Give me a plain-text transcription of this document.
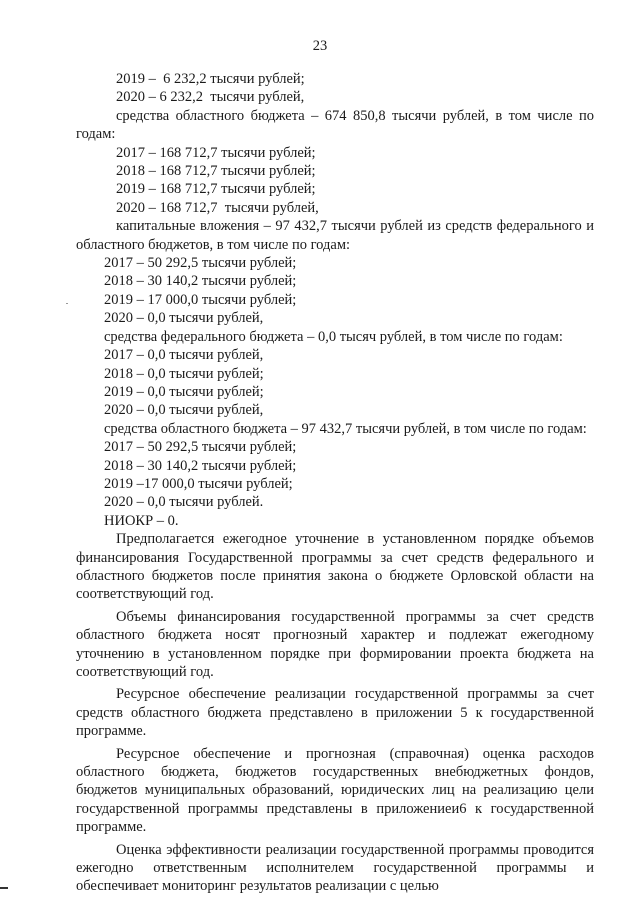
23
2019 –  6 232,2 тысячи рублей;
2020 – 6 232,2  тысячи рублей,
средства областного бюджета – 674 850,8 тысячи рублей, в том числе по годам:
2017 – 168 712,7 тысячи рублей;
2018 – 168 712,7 тысячи рублей;
2019 – 168 712,7 тысячи рублей;
2020 – 168 712,7  тысячи рублей,
капитальные вложения – 97 432,7 тысячи рублей из средств федерального и областного бюджетов, в том числе по годам:
2017 – 50 292,5 тысячи рублей;
2018 – 30 140,2 тысячи рублей;
2019 – 17 000,0 тысячи рублей;
2020 – 0,0 тысячи рублей,
средства федерального бюджета – 0,0 тысяч рублей, в том числе по годам:
2017 – 0,0 тысячи рублей,
2018 – 0,0 тысячи рублей;
2019 – 0,0 тысячи рублей;
2020 – 0,0 тысячи рублей,
средства областного бюджета – 97 432,7 тысячи рублей, в том числе по годам:
2017 – 50 292,5 тысячи рублей;
2018 – 30 140,2 тысячи рублей;
2019 –17 000,0 тысячи рублей;
2020 – 0,0 тысячи рублей.
НИОКР – 0.
Предполагается ежегодное уточнение в установленном порядке объемов финансирования Государственной программы за счет средств федерального и областного бюджетов после принятия закона о бюджете Орловской области на соответствующий год.
Объемы финансирования государственной программы за счет средств областного бюджета носят прогнозный характер и подлежат ежегодному уточнению в установленном порядке при формировании проекта бюджета на соответствующий год.
Ресурсное обеспечение реализации государственной программы за счет средств областного бюджета представлено в приложении 5 к государственной программе.
Ресурсное обеспечение и прогнозная (справочная) оценка расходов областного бюджета, бюджетов государственных внебюджетных фондов, бюджетов муниципальных образований, юридических лиц на реализацию цели государственной программы представлены в приложениеи6 к государственной программе.
Оценка эффективности реализации государственной программы проводится ежегодно ответственным исполнителем государственной программы и обеспечивает мониторинг результатов реализации с целью
